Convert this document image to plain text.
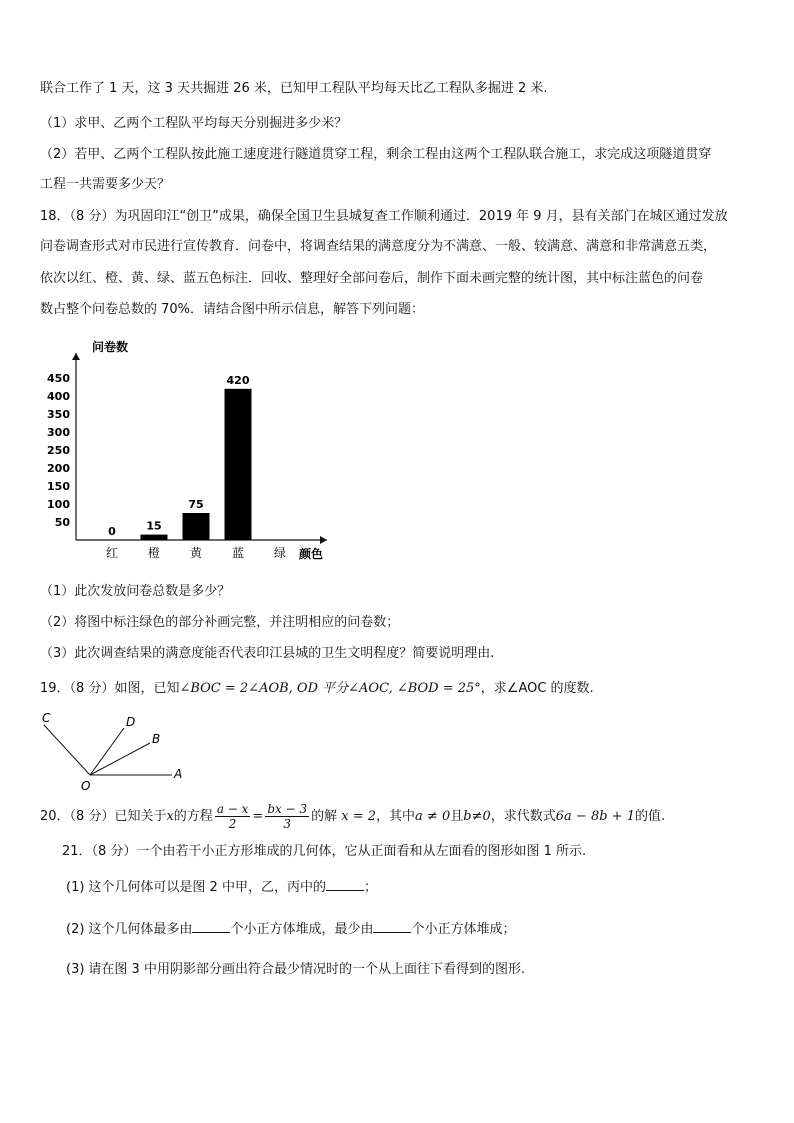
联合工作了 1 天，这 3 天共掘进 26 米，已知甲工程队平均每天比乙工程队多掘进 2 米.
（1）求甲、乙两个工程队平均每天分别掘进多少米？
（2）若甲、乙两个工程队按此施工速度进行隧道贯穿工程，剩余工程由这两个工程队联合施工，求完成这项隧道贯穿
工程一共需要多少天？
18．（8 分）为巩固印江“创卫”成果，确保全国卫生县城复查工作顺利通过．2019 年 9 月，县有关部门在城区通过发放
问卷调查形式对市民进行宣传教育．问卷中，将调查结果的满意度分为不满意、一般、较满意、满意和非常满意五类，
依次以红、橙、黄、绿、蓝五色标注．回收、整理好全部问卷后，制作下面未画完整的统计图，其中标注蓝色的问卷
数占整个问卷总数的 70%．请结合图中所示信息，解答下列问题：
问卷数
颜色
50
100
150
200
250
300
350
400
450
0	15
75
420
红 橙 黄 蓝 绿
（1）此次发放问卷总数是多少？
（2）将图中标注绿色的部分补画完整，并注明相应的问卷数；
（3）此次调查结果的满意度能否代表印江县城的卫生文明程度？简要说明理由.
19．（8 分）如图，已知∠BOC = 2∠AOB, OD 平分∠AOC, ∠BOD = 25°，求∠AOC 的度数.
C	D
B
A
O
20．（8 分）已知关于x的方程 $\frac{a - x}{2} = \frac{bx - 3}{3}$ 的解 x = 2，其中a ≠ 0且b≠0，求代数式6a − 8b + 1的值.
21．（8 分）一个由若干小正方形堆成的几何体，它从正面看和从左面看的图形如图 1 所示.
(1) 这个几何体可以是图 2 中甲，乙，丙中的	；
(2) 这个几何体最多由	个小正方体堆成，最少由	个小正方体堆成；
(3) 请在图 3 中用阴影部分画出符合最少情况时的一个从上面往下看得到的图形.
